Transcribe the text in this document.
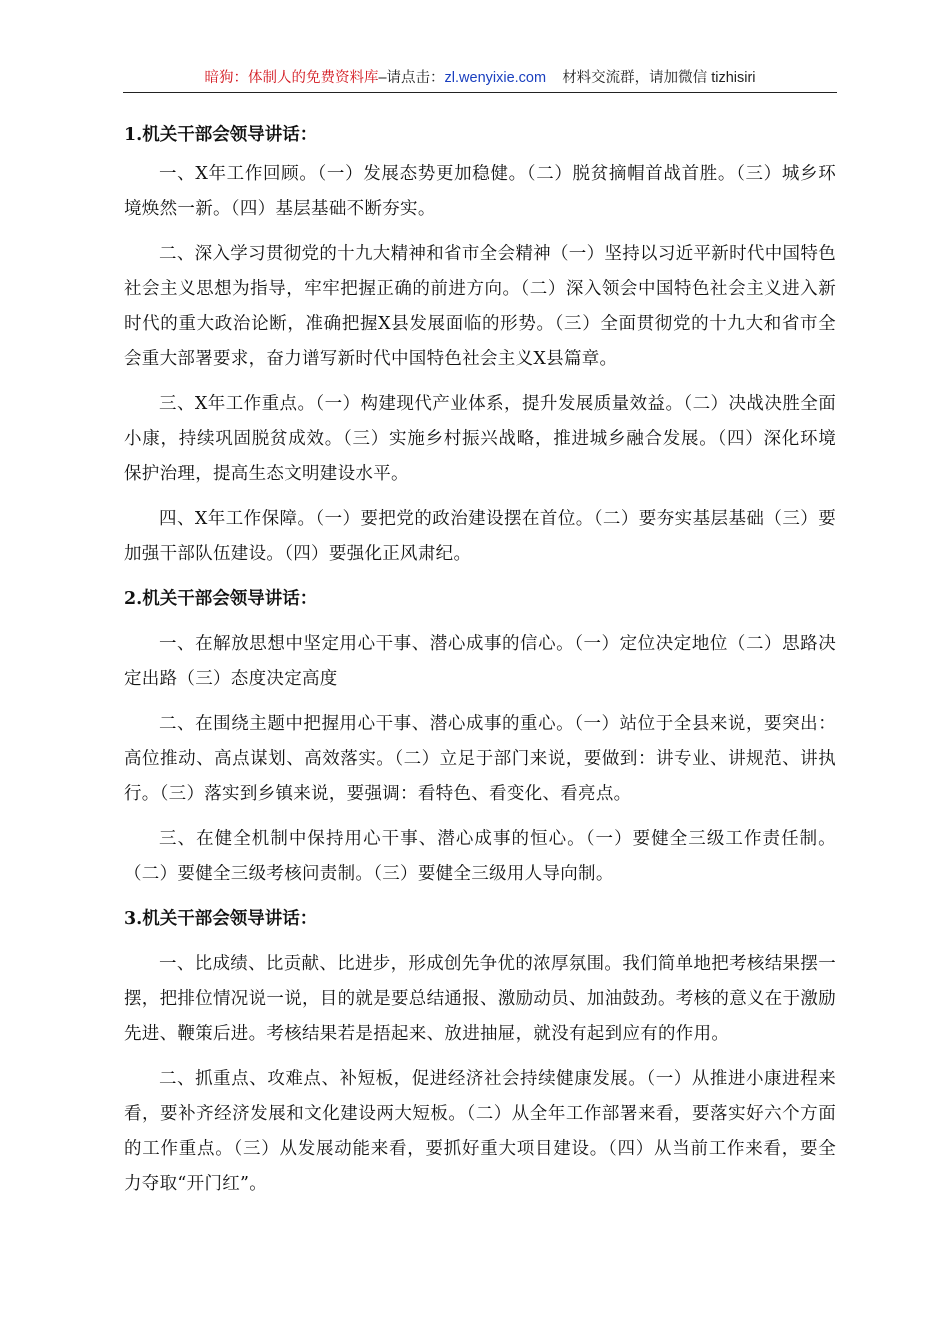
暗狗：体制人的免费资料库–请点击：zl.wenyixie.com 材料交流群，请加微信 tizhisiri

1.机关干部会领导讲话：

一、X年工作回顾。（一）发展态势更加稳健。（二）脱贫摘帽首战首胜。（三）城乡环境焕然一新。（四）基层基础不断夯实。

二、深入学习贯彻党的十九大精神和省市全会精神（一）坚持以习近平新时代中国特色社会主义思想为指导，牢牢把握正确的前进方向。（二）深入领会中国特色社会主义进入新时代的重大政治论断，准确把握X县发展面临的形势。（三）全面贯彻党的十九大和省市全会重大部署要求，奋力谱写新时代中国特色社会主义X县篇章。

三、X年工作重点。（一）构建现代产业体系，提升发展质量效益。（二）决战决胜全面小康，持续巩固脱贫成效。（三）实施乡村振兴战略，推进城乡融合发展。（四）深化环境保护治理，提高生态文明建设水平。

四、X年工作保障。（一）要把党的政治建设摆在首位。（二）要夯实基层基础（三）要加强干部队伍建设。（四）要强化正风肃纪。

2.机关干部会领导讲话：

一、在解放思想中坚定用心干事、潜心成事的信心。（一）定位决定地位（二）思路决定出路（三）态度决定高度

二、在围绕主题中把握用心干事、潜心成事的重心。（一）站位于全县来说，要突出：高位推动、高点谋划、高效落实。（二）立足于部门来说，要做到：讲专业、讲规范、讲执行。（三）落实到乡镇来说，要强调：看特色、看变化、看亮点。

三、在健全机制中保持用心干事、潜心成事的恒心。（一）要健全三级工作责任制。（二）要健全三级考核问责制。（三）要健全三级用人导向制。

3.机关干部会领导讲话：

一、比成绩、比贡献、比进步，形成创先争优的浓厚氛围。我们简单地把考核结果摆一摆，把排位情况说一说，目的就是要总结通报、激励动员、加油鼓劲。考核的意义在于激励先进、鞭策后进。考核结果若是捂起来、放进抽屉，就没有起到应有的作用。

二、抓重点、攻难点、补短板，促进经济社会持续健康发展。（一）从推进小康进程来看，要补齐经济发展和文化建设两大短板。（二）从全年工作部署来看，要落实好六个方面的工作重点。（三）从发展动能来看，要抓好重大项目建设。（四）从当前工作来看，要全力夺取“开门红”。
